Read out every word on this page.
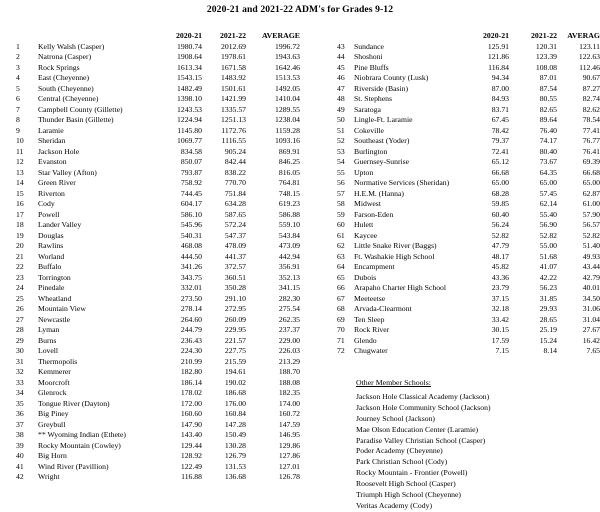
2020-21 and 2021-22 ADM's for Grades 9-12
		2020-21	2021-22	AVERAGE
1	Kelly Walsh (Casper)	1980.74	2012.69	1996.72
2	Natrona (Casper)	1908.64	1978.61	1943.63
3	Rock Springs	1613.34	1671.58	1642.46
4	East (Cheyenne)	1543.15	1483.92	1513.53
5	South (Cheyenne)	1482.49	1501.61	1492.05
6	Central (Cheyenne)	1398.10	1421.99	1410.04
7	Campbell County (Gillette)	1243.53	1335.57	1289.55
8	Thunder Basin (Gillette)	1224.94	1251.13	1238.04
9	Laramie	1145.80	1172.76	1159.28
10	Sheridan	1069.77	1116.55	1093.16
11	Jackson Hole	834.58	905.24	869.91
12	Evanston	850.07	842.44	846.25
13	Star Valley (Afton)	793.87	838.22	816.05
14	Green River	758.92	770.70	764.81
15	Riverton	744.45	751.84	748.15
16	Cody	604.17	634.28	619.23
17	Powell	586.10	587.65	586.88
18	Lander Valley	545.96	572.24	559.10
19	Douglas	540.31	547.37	543.84
20	Rawlins	468.08	478.09	473.09
21	Worland	444.50	441.37	442.94
22	Buffalo	341.26	372.57	356.91
23	Torrington	343.75	360.51	352.13
24	Pinedale	332.01	350.28	341.15
25	Wheatland	273.50	291.10	282.30
26	Mountain View	278.14	272.95	275.54
27	Newcastle	264.60	260.09	262.35
28	Lyman	244.79	229.95	237.37
29	Burns	236.43	221.57	229.00
30	Lovell	224.30	227.75	226.03
31	Thermopolis	210.99	215.59	213.29
32	Kemmerer	182.80	194.61	188.70
33	Moorcroft	186.14	190.02	188.08
34	Glenrock	178.02	186.68	182.35
35	Tongue River (Dayton)	172.00	176.00	174.00
36	Big Piney	160.60	160.84	160.72
37	Greybull	147.90	147.28	147.59
38	** Wyoming Indian (Ethete)	143.40	150.49	146.95
39	Rocky Mountain (Cowley)	129.44	130.28	129.86
40	Big Horn	128.92	126.79	127.86
41	Wind River (Pavillion)	122.49	131.53	127.01
42	Wright	116.88	136.68	126.78
		2020-21	2021-22	AVERAG
43	Sundance	125.91	120.31	123.11
44	Shoshoni	121.86	123.39	122.63
45	Pine Bluffs	116.84	108.08	112.46
46	Niobrara County (Lusk)	94.34	87.01	90.67
47	Riverside (Basin)	87.00	87.54	87.27
48	St. Stephens	84.93	80.55	82.74
49	Saratoga	83.71	82.65	82.62
50	Lingle-Ft. Laramie	67.45	89.64	78.54
51	Cokeville	78.42	76.40	77.41
52	Southeast (Yoder)	79.37	74.17	76.77
53	Burlington	72.41	80.40	76.41
54	Guernsey-Sunrise	65.12	73.67	69.39
55	Upton	66.68	64.35	66.68
56	Normative Services (Sheridan)	65.00	65.00	65.00
57	H.E.M. (Hanna)	68.28	57.45	62.87
58	Midwest	59.85	62.14	61.00
59	Farson-Eden	60.40	55.40	57.90
60	Hulett	56.24	56.90	56.57
61	Kaycee	52.82	52.82	52.82
62	Little Snake River (Baggs)	47.79	55.00	51.40
63	Ft. Washakie High School	48.17	51.68	49.93
64	Encampment	45.82	41.07	43.44
65	Dubois	43.36	42.22	42.79
66	Arapaho Charter High School	23.79	56.23	40.01
67	Meeteetse	37.15	31.85	34.50
68	Arvada-Clearmont	32.18	29.93	31.06
69	Ten Sleep	33.42	28.65	31.04
70	Rock River	30.15	25.19	27.67
71	Glendo	17.59	15.24	16.42
72	Chugwater	7.15	8.14	7.65
Other Member Schools:
Jackson Hole Classical Academy (Jackson)
Jackson Hole Community School (Jackson)
Journey School (Jackson)
Mae Olson Education Center (Laramie)
Paradise Valley Christian School (Casper)
Poder Academy (Cheyenne)
Park Christian School (Cody)
Rocky Mountain - Frontier (Powell)
Roosevelt High School (Casper)
Triumph High School (Cheyenne)
Veritas Academy (Cody)
